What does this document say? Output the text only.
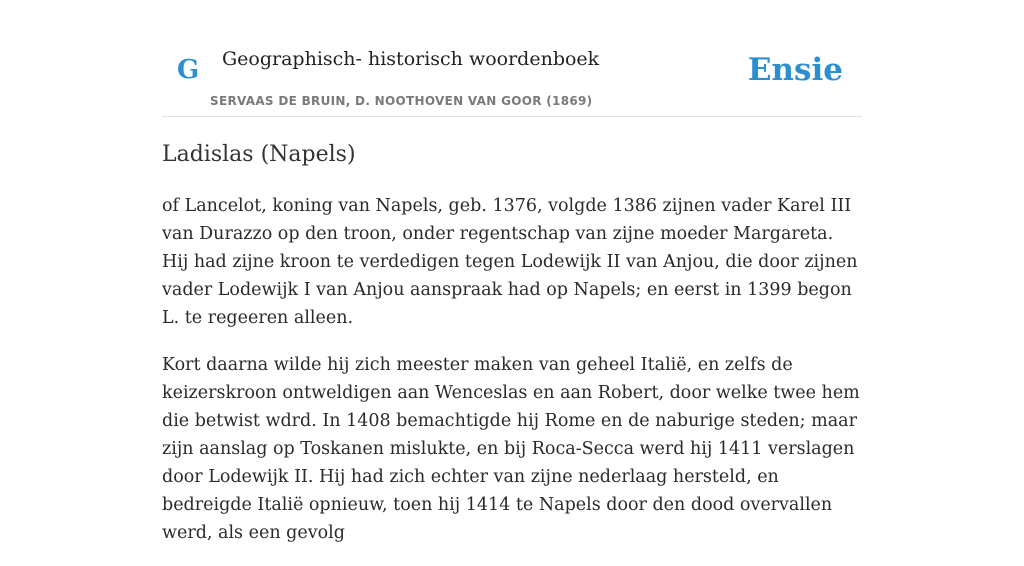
G Geographisch- historisch woordenboek
SERVAAS DE BRUIN, D. NOOTHOVEN VAN GOOR (1869)
Ensie
Ladislas (Napels)

of Lancelot, koning van Napels, geb. 1376, volgde 1386 zijnen vader Karel III van Durazzo op den troon, onder regentschap van zijne moeder Margareta. Hij had zijne kroon te verdedigen tegen Lodewijk II van Anjou, die door zijnen vader Lodewijk I van Anjou aanspraak had op Napels; en eerst in 1399 begon L. te regeeren alleen.

Kort daarna wilde hij zich meester maken van geheel Italië, en zelfs de keizerskroon ontweldigen aan Wenceslas en aan Robert, door welke twee hem die betwist wdrd. In 1408 bemachtigde hij Rome en de naburige steden; maar zijn aanslag op Toskanen mislukte, en bij Roca-Secca werd hij 1411 verslagen door Lodewijk II. Hij had zich echter van zijne nederlaag hersteld, en bedreigde Italië opnieuw, toen hij 1414 te Napels door den dood overvallen werd, als een gevolg
